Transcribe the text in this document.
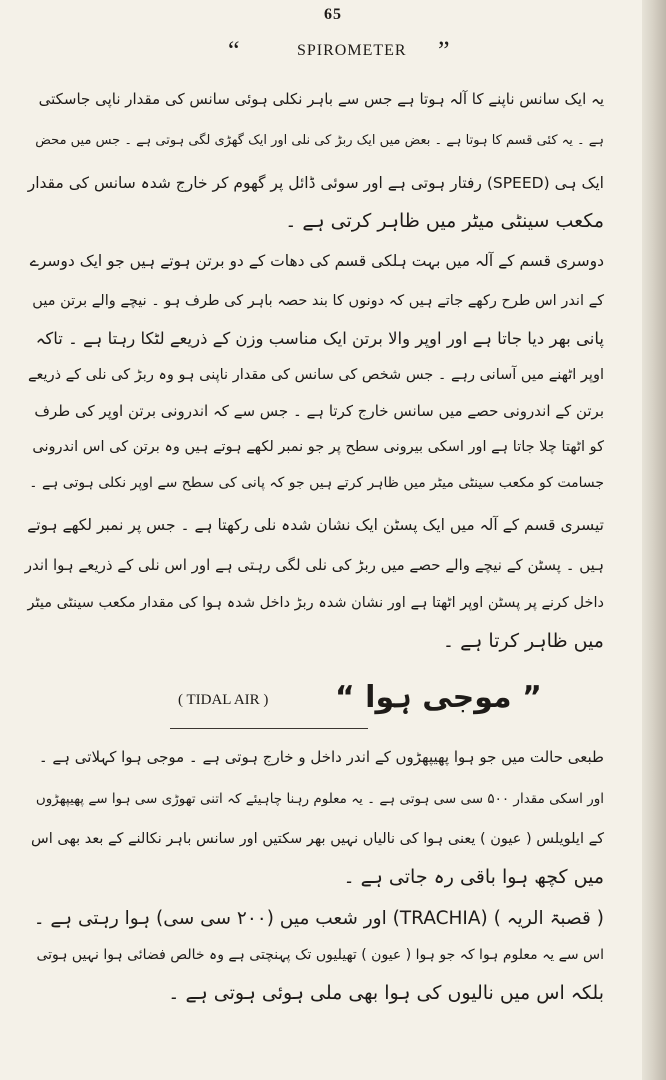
65
“	SPIROMETER ”
یہ ایک سانس ناپنے کا آلہ ہوتا ہے جس سے باہر نکلی ہوئی سانس کی مقدار ناپی جاسکتی
ہے ۔ یہ کئی قسم کا ہوتا ہے ۔ بعض میں ایک ربڑ کی نلی اور ایک گھڑی لگی ہوتی ہے ۔ جس میں محض
ایک ہی (SPEED) رفتار ہوتی ہے اور سوئی ڈائل پر گھوم کر خارج شدہ سانس کی مقدار
مکعب سینٹی میٹر میں ظاہر کرتی ہے ۔
دوسری قسم کے آلہ میں بہت ہلکی قسم کی دھات کے دو برتن ہوتے ہیں جو ایک دوسرے
کے اندر اس طرح رکھے جاتے ہیں کہ دونوں کا بند حصہ باہر کی طرف ہو ۔ نیچے والے برتن میں
پانی بھر دیا جاتا ہے اور اوپر والا برتن ایک مناسب وزن کے ذریعے لٹکا رہتا ہے ۔ تاکہ
اوپر اٹھنے میں آسانی رہے ۔ جس شخص کی سانس کی مقدار ناپنی ہو وہ ربڑ کی نلی کے ذریعے
برتن کے اندرونی حصے میں سانس خارج کرتا ہے ۔ جس سے کہ اندرونی برتن اوپر کی طرف
کو اٹھتا چلا جاتا ہے اور اسکی بیرونی سطح پر جو نمبر لکھے ہوتے ہیں وہ برتن کی اس اندرونی
جسامت کو مکعب سینٹی میٹر میں ظاہر کرتے ہیں جو کہ پانی کی سطح سے اوپر نکلی ہوتی ہے ۔
تیسری قسم کے آلہ میں ایک پسٹن ایک نشان شدہ نلی رکھتا ہے ۔ جس پر نمبر لکھے ہوتے
ہیں ۔ پسٹن کے نیچے والے حصے میں ربڑ کی نلی لگی رہتی ہے اور اس نلی کے ذریعے ہوا اندر
داخل کرنے پر پسٹن اوپر اٹھتا ہے اور نشان شدہ ربڑ داخل شدہ ہوا کی مقدار مکعب سینٹی میٹر
میں ظاہر کرتا ہے ۔
” موجی ہوا “
( TIDAL AIR )
طبعی حالت میں جو ہوا پھیپھڑوں کے اندر داخل و خارج ہوتی ہے ۔ موجی ہوا کہلاتی ہے ۔
اور اسکی مقدار ۵۰۰ سی سی ہوتی ہے ۔ یہ معلوم رہنا چاہیئے کہ اتنی تھوڑی سی ہوا سے پھیپھڑوں
کے ایلویلس ( عیون ) یعنی ہوا کی نالیاں نہیں بھر سکتیں اور سانس باہر نکالنے کے بعد بھی اس
میں کچھ ہوا باقی رہ جاتی ہے ۔
( قصبۃ الریہ ) (TRACHIA) اور شعب میں (۲۰۰ سی سی) ہوا رہتی ہے ۔
اس سے یہ معلوم ہوا کہ جو ہوا ( عیون ) تھیلیوں تک پہنچتی ہے وہ خالص فضائی ہوا نہیں ہوتی
بلکہ اس میں نالیوں کی ہوا بھی ملی ہوئی ہوتی ہے ۔
